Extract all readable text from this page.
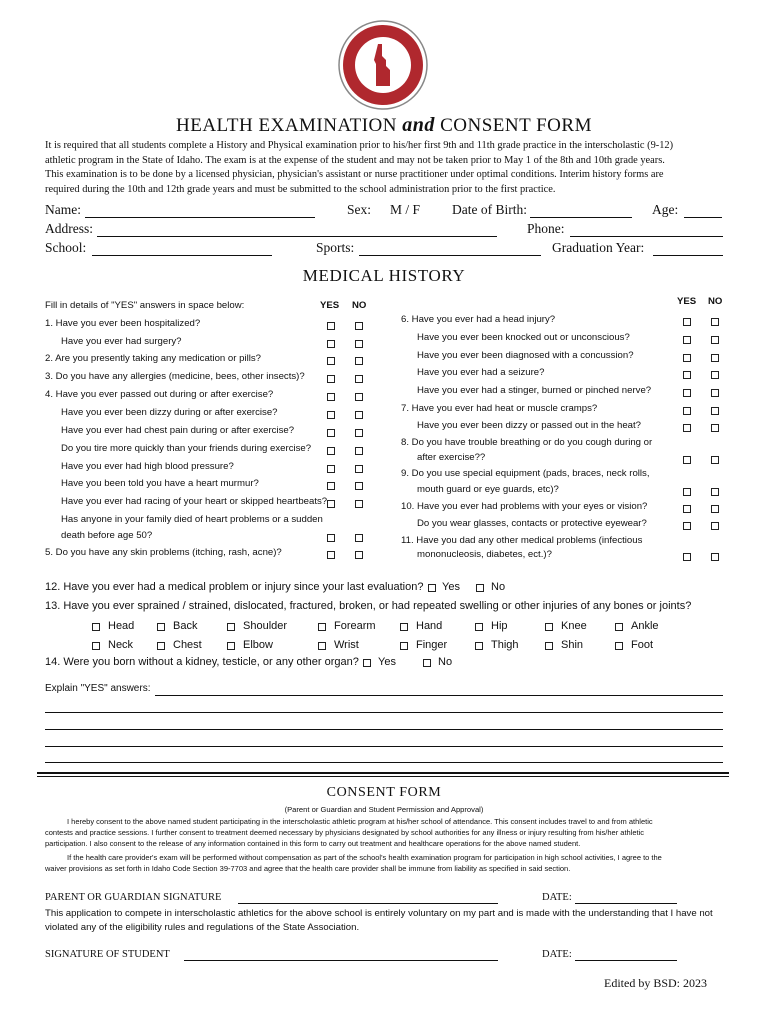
HEALTH EXAMINATION and CONSENT FORM
It is required that all students complete a History and Physical examination prior to his/her first 9th and 11th grade practice in the interscholastic (9-12)
athletic program in the State of Idaho. The exam is at the expense of the student and may not be taken prior to May 1 of the 8th and 10th grade years.
This examination is to be done by a licensed physician, physician's assistant or nurse practitioner under optimal conditions. Interim history forms are
required during the 10th and 12th grade years and must be submitted to the school administration prior to the first practice.
Name:	Sex: M / F Date of Birth:	Age:
Address:	Phone:
School:	Sports:	Graduation Year:
MEDICAL HISTORY
Fill in details of "YES" answers in space below:	YES NO	YES NO
1. Have you ever been hospitalized?
Have you ever had surgery?
2. Are you presently taking any medication or pills?
3. Do you have any allergies (medicine, bees, other insects)?
4. Have you ever passed out during or after exercise?
Have you ever been dizzy during or after exercise?
Have you ever had chest pain during or after exercise?
Do you tire more quickly than your friends during exercise?
Have you ever had high blood pressure?
Have you been told you have a heart murmur?
Have you ever had racing of your heart or skipped heartbeats?
Has anyone in your family died of heart problems or a sudden
death before age 50?
5. Do you have any skin problems (itching, rash, acne)?
6. Have you ever had a head injury?
Have you ever been knocked out or unconscious?
Have you ever been diagnosed with a concussion?
Have you ever had a seizure?
Have you ever had a stinger, burned or pinched nerve?
7. Have you ever had heat or muscle cramps?
Have you ever been dizzy or passed out in the heat?
8. Do you have trouble breathing or do you cough during or
after exercise??
9. Do you use special equipment (pads, braces, neck rolls,
mouth guard or eye guards, etc)?
10. Have you ever had problems with your eyes or vision?
Do you wear glasses, contacts or protective eyewear?
11. Have you dad any other medical problems (infectious
mononucleosis, diabetes, ect.)?
12. Have you ever had a medical problem or injury since your last evaluation? Yes	No
13. Have you ever sprained / strained, dislocated, fractured, broken, or had repeated swelling or other injuries of any bones or joints?
Head	Back	Shoulder	Forearm	Hand	Hip	Knee	Ankle
Neck	Chest	Elbow	Wrist	Finger	Thigh	Shin	Foot
14. Were you born without a kidney, testicle, or any other organ? Yes	No
Explain "YES" answers:
CONSENT FORM
(Parent or Guardian and Student Permission and Approval)
I hereby consent to the above named student participating in the interscholastic athletic program at his/her school of attendance. This consent includes travel to and from athletic
contests and practice sessions. I further consent to treatment deemed necessary by physicians designated by school authorities for any illness or injury resulting from his/her athletic
participation. I also consent to the release of any information contained in this form to carry out treatment and healthcare operations for the above named student.
If the health care provider's exam will be performed without compensation as part of the school's health examination program for participation in high school activities, I agree to the
waiver provisions as set forth in Idaho Code Section 39-7703 and agree that the health care provider shall be immune from liability as specified in said section.
PARENT OR GUARDIAN SIGNATURE	DATE:
This application to compete in interscholastic athletics for the above school is entirely voluntary on my part and is made with the understanding that I have not
violated any of the eligibility rules and regulations of the State Association.
SIGNATURE OF STUDENT	DATE:
Edited by BSD: 2023
